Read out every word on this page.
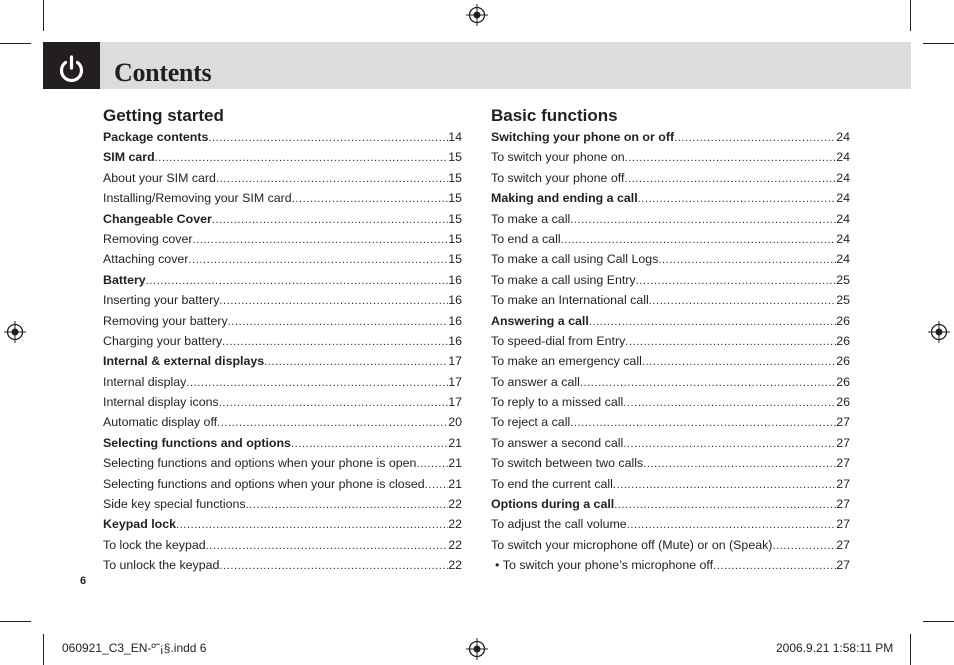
Contents
Getting started
Package contents .....	14
SIM card .....	15
About your SIM card .....	15
Installing/Removing your SIM card .....	15
Changeable Cover .....	15
Removing cover .....	15
Attaching cover .....	15
Battery .....	16
Inserting your battery .....	16
Removing your battery .....	16
Charging your battery .....	16
Internal & external displays .....	17
Internal display .....	17
Internal display icons .....	17
Automatic display off .....	20
Selecting functions and options .....	21
Selecting functions and options when your phone is open .....	21
Selecting functions and options when your phone is closed ..... 21
Side key special functions .....	22
Keypad lock .....	22
To lock the keypad .....	22
To unlock the keypad .....	22
Basic functions
Switching your phone on or off .....	24
To switch your phone on .....	24
To switch your phone off .....	24
Making and ending a call .....	24
To make a call .....	24
To end a call .....	24
To make a call using Call Logs .....	24
To make a call using Entry .....	25
To make an International call .....	25
Answering a call .....	26
To speed-dial from Entry .....	26
To make an emergency call .....	26
To answer a call .....	26
To reply to a missed call .....	26
To reject a call .....	27
To answer a second call .....	27
To switch between two calls .....	27
To end the current call .....	27
Options during a call .....	27
To adjust the call volume .....	27
To switch your microphone off (Mute) or on (Speak) .....	27
•
To switch your phone’s microphone off .....	27
6
060921_C3_EN-º˜¡§.indd 6	2006.9.21 1:58:11 PM
